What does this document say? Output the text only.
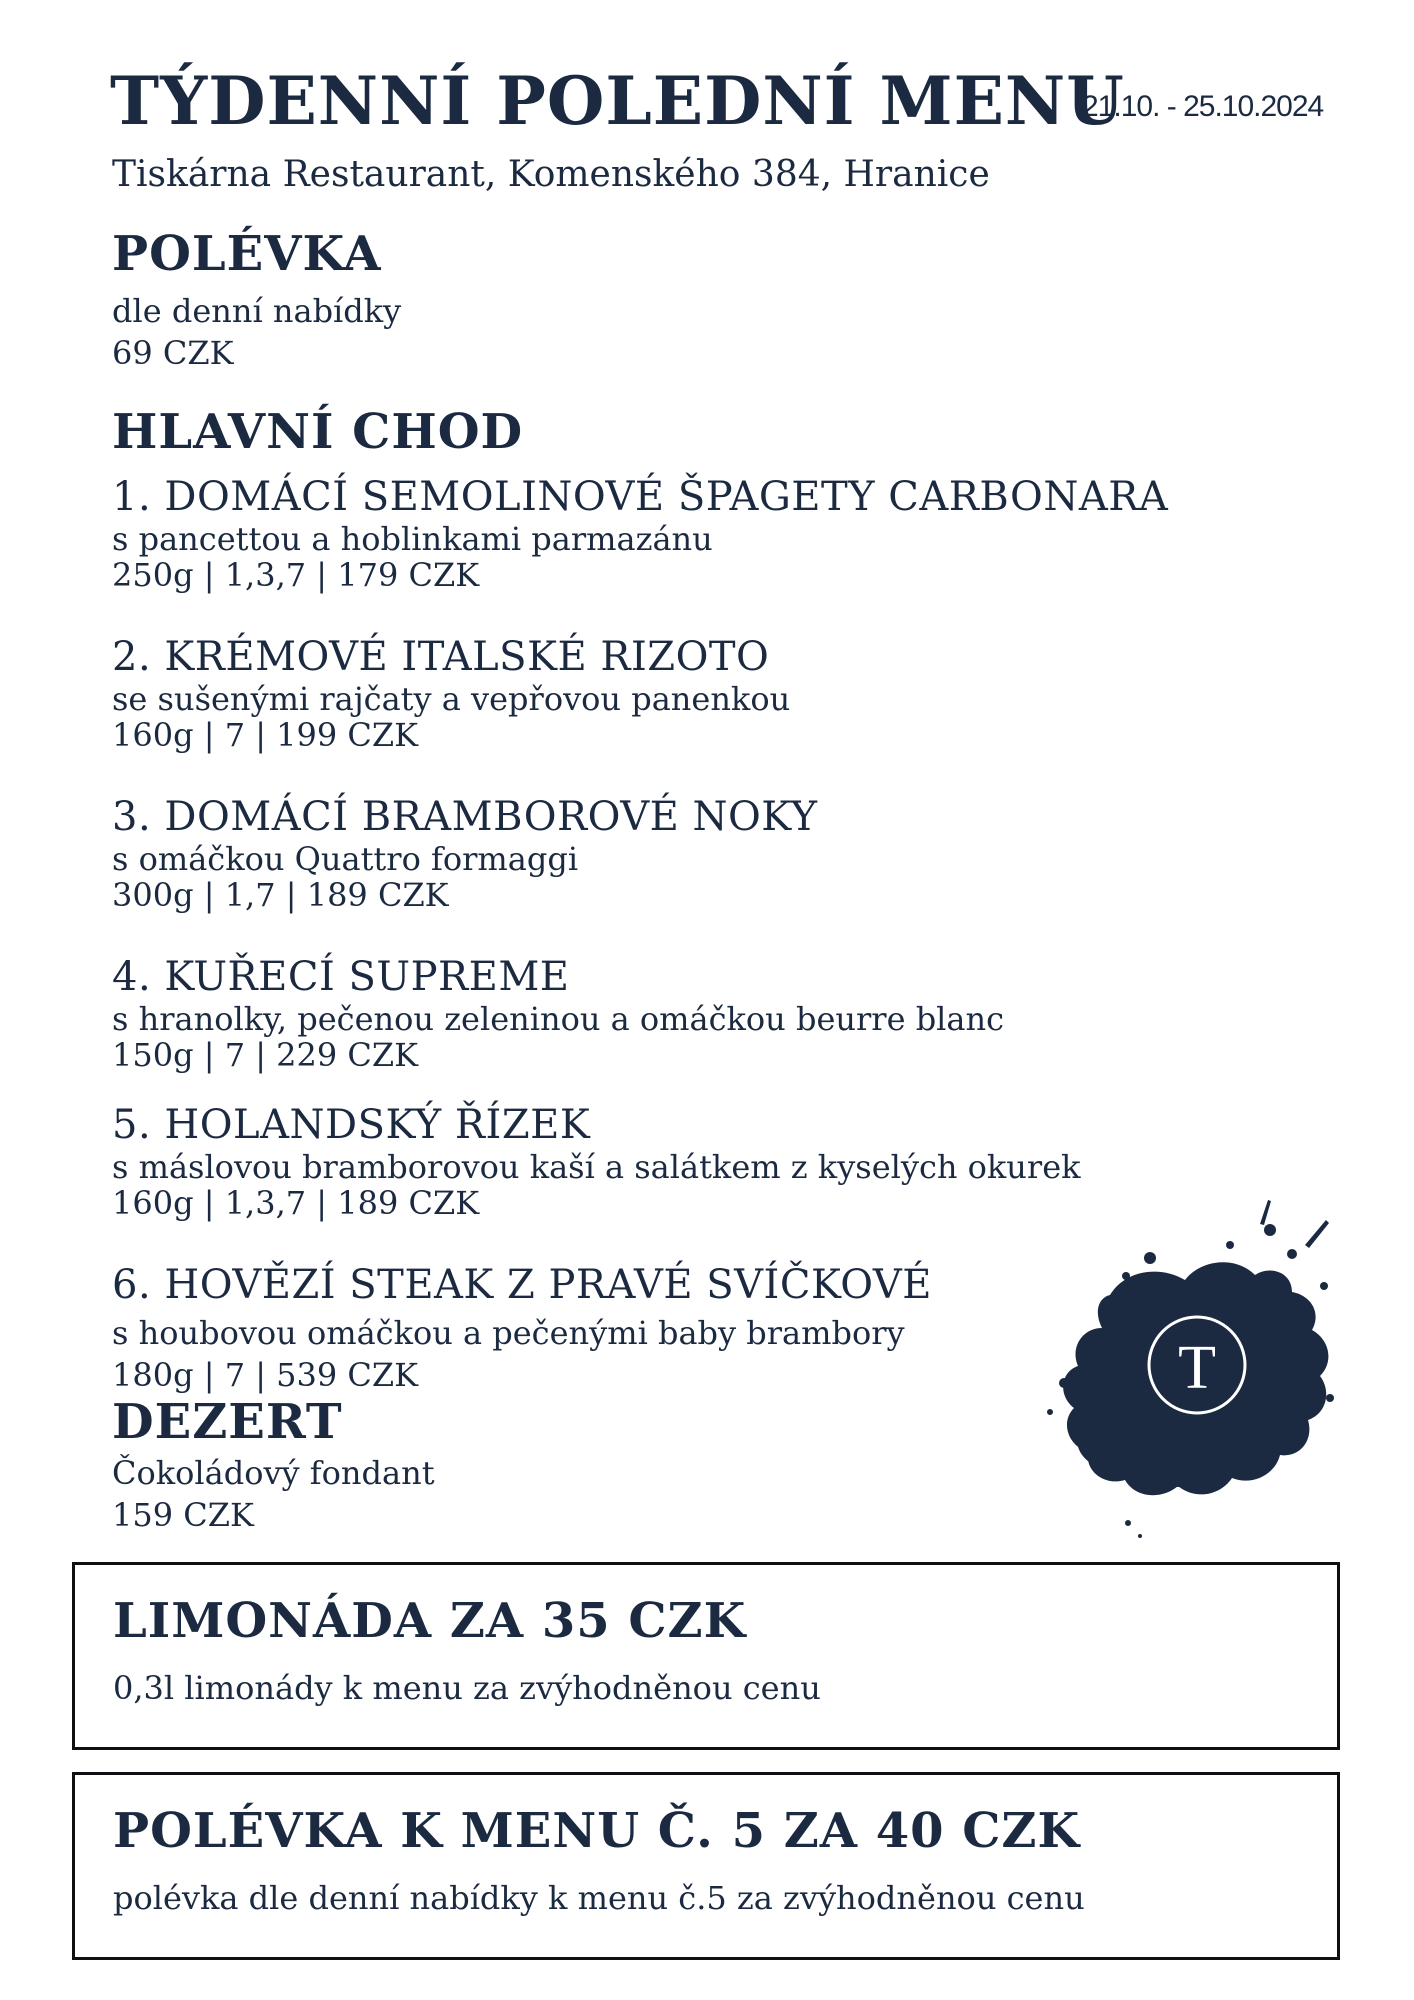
TÝDENNÍ POLEDNÍ MENU
21.10. - 25.10.2024
Tiskárna Restaurant, Komenského 384, Hranice
POLÉVKA
dle denní nabídky
69 CZK
HLAVNÍ CHOD
1. DOMÁCÍ SEMOLINOVÉ ŠPAGETY CARBONARA
s pancettou a hoblinkami parmazánu
250g | 1,3,7 | 179 CZK
2. KRÉMOVÉ ITALSKÉ RIZOTO
se sušenými rajčaty a vepřovou panenkou
160g | 7 | 199 CZK
3. DOMÁCÍ BRAMBOROVÉ NOKY
s omáčkou Quattro formaggi
300g | 1,7 | 189 CZK
4. KUŘECÍ SUPREME
s hranolky, pečenou zeleninou a omáčkou beurre blanc
150g | 7 | 229 CZK
5. HOLANDSKÝ ŘÍZEK
s máslovou bramborovou kaší a salátkem z kyselých okurek
160g | 1,3,7 | 189 CZK
6. HOVĚZÍ STEAK Z PRAVÉ SVÍČKOVÉ
s houbovou omáčkou a pečenými baby brambory
180g | 7 | 539 CZK
DEZERT
Čokoládový fondant
159 CZK
T
LIMONÁDA ZA 35 CZK
0,3l limonády k menu za zvýhodněnou cenu
POLÉVKA K MENU Č. 5 ZA 40 CZK
polévka dle denní nabídky k menu č.5 za zvýhodněnou cenu
